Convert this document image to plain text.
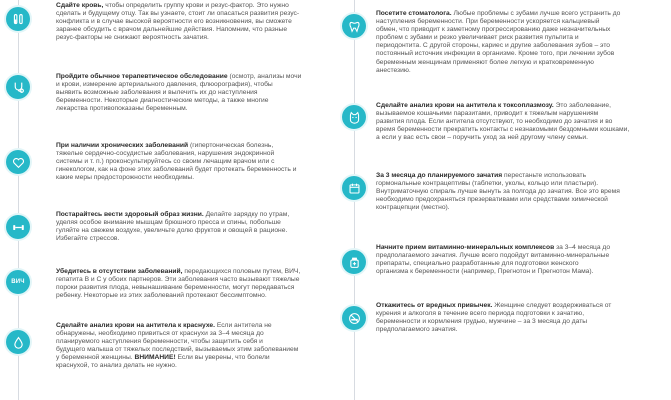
Сдайте кровь, чтобы определить группу крови и резус-фактор. Это нужно
сделать и будущему отцу. Так вы узнаете, стоит ли опасаться развития резус-
конфликта и в случае высокой вероятности его возникновения, вы сможете
заранее обсудить с врачом дальнейшие действия. Напомним, что разные
резус-факторы не снижают вероятность зачатия.
Пройдите обычное терапевтическое обследование (осмотр, анализы мочи
и крови, измерение артериального давления, флюорография), чтобы
выявить возможные заболевания и вылечить их до наступления
беременности. Некоторые диагностические методы, а также многие
лекарства противопоказаны беременным.
При наличии хронических заболеваний (гипертоническая болезнь,
тяжелые сердечно-сосудистые заболевания, нарушения эндокринной
системы и т. п.) проконсультируйтесь со своим лечащим врачом или с
гинекологом, как на фоне этих заболеваний будет протекать беременность и
какие меры предосторожности необходимы.
Постарайтесь вести здоровый образ жизни. Делайте зарядку по утрам,
уделяя особое внимание мышцам брюшного пресса и спины, побольше
гуляйте на свежем воздухе, увеличьте долю фруктов и овощей в рационе.
Избегайте стрессов.
ВИЧ
Убедитесь в отсутствии заболеваний, передающихся половым путем, ВИЧ,
гепатита В и С у обоих партнеров. Эти заболевания часто вызывают тяжелые
пороки развития плода, невынашивание беременности, могут передаваться
ребенку. Некоторые из этих заболеваний протекают бессимптомно.
Сделайте анализ крови на антитела к краснухе. Если антитела не
обнаружены, необходимо привиться от краснухи за 3–4 месяца до
планируемого наступления беременности, чтобы защитить себя и
будущего малыша от тяжелых последствий, вызываемых этим заболеванием
у беременной женщины. ВНИМАНИЕ! Если вы уверены, что болели
краснухой, то анализ делать не нужно.
Посетите стоматолога. Любые проблемы с зубами лучше всего устранить до
наступления беременности. При беременности ускоряется кальциевый
обмен, что приводит к заметному прогрессированию даже незначительных
проблем с зубами и резко увеличивает риск развития пульпита и
периодонтита. С другой стороны, кариес и другие заболевания зубов – это
постоянный источник инфекции в организме. Кроме того, при лечении зубов
беременным женщинам применяют более легкую и кратковременную
анестезию.
Сделайте анализ крови на антитела к токсоплазмозу. Это заболевание,
вызываемое кошачьими паразитами, приводит к тяжелым нарушениям
развития плода. Если антитела отсутствуют, то необходимо до зачатия и во
время беременности прекратить контакты с незнакомыми бездомными кошками,
а если у вас есть свои – поручить уход за ней другому члену семьи.
За 3 месяца до планируемого зачатия перестаньте использовать
гормональные контрацептивы (таблетки, уколы, кольцо или пластыри).
Внутриматочную спираль лучше вынуть за полгода до зачатия. Все это время
необходимо предохраняться презервативами или средствами химической
контрацепции (местно).
Начните прием витаминно-минеральных комплексов за 3–4 месяца до
предполагаемого зачатия. Лучше всего подойдут витаминно-минеральные
препараты, специально разработанные для подготовки женского
организма к беременности (например, Прегнотон и Прегнотон Мама).
Откажитесь от вредных привычек. Женщине следует воздерживаться от
курения и алкоголя в течение всего периода подготовки к зачатию,
беременности и кормления грудью, мужчине – за 3 месяца до даты
предполагаемого зачатия.
